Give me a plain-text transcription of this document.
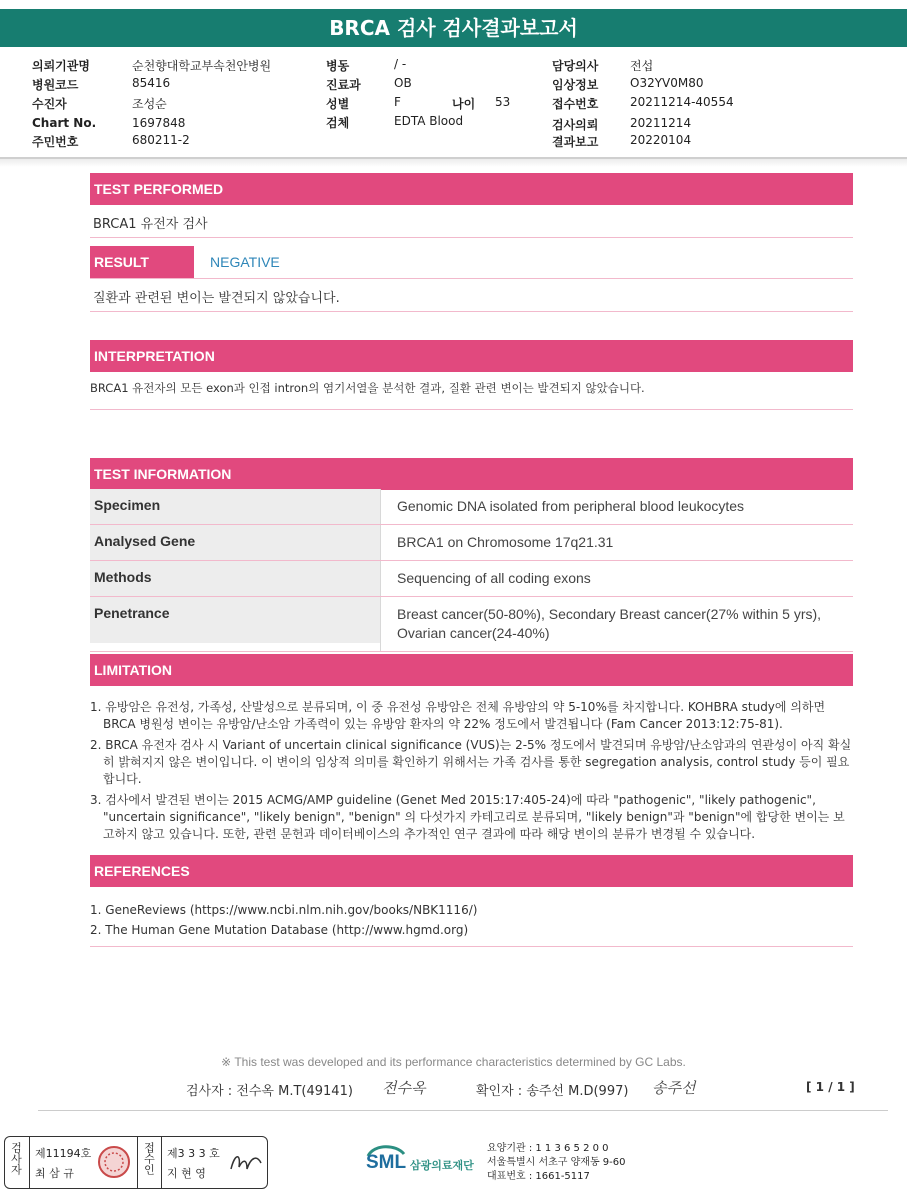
BRCA 검사 검사결과보고서
의뢰기관명	순천향대학교부속천안병원
병원코드	85416
수진자	조성순
Chart No.	1697848
주민번호	680211-2
병동	/ -
진료과	OB
성별	F
검체	EDTA Blood
나이 53
담당의사	전섭
임상정보	O32YV0M80
접수번호	20211214-40554
검사의뢰	20211214
결과보고	20220104
TEST PERFORMED
BRCA1 유전자 검사
RESULT	NEGATIVE
질환과 관련된 변이는 발견되지 않았습니다.
INTERPRETATION
BRCA1 유전자의 모든 exon과 인접 intron의 염기서열을 분석한 결과, 질환 관련 변이는 발견되지 않았습니다.
TEST INFORMATION
Specimen	Genomic DNA isolated from peripheral blood leukocytes
Analysed Gene	BRCA1 on Chromosome 17q21.31
Methods	Sequencing of all coding exons
Penetrance	Breast cancer(50-80%), Secondary Breast cancer(27% within 5 yrs), Ovarian cancer(24-40%)
LIMITATION
1. 유방암은 유전성, 가족성, 산발성으로 분류되며, 이 중 유전성 유방암은 전체 유방암의 약 5-10%를 차지합니다. KOHBRA study에 의하면 BRCA 병원성 변이는 유방암/난소암 가족력이 있는 유방암 환자의 약 22% 정도에서 발견됩니다 (Fam Cancer 2013:12:75-81).
2. BRCA 유전자 검사 시 Variant of uncertain clinical significance (VUS)는 2-5% 정도에서 발견되며 유방암/난소암과의 연관성이 아직 확실히 밝혀지지 않은 변이입니다. 이 변이의 임상적 의미를 확인하기 위해서는 가족 검사를 통한 segregation analysis, control study 등이 필요합니다.
3. 검사에서 발견된 변이는 2015 ACMG/AMP guideline (Genet Med 2015:17:405-24)에 따라 "pathogenic", "likely pathogenic", "uncertain significance", "likely benign", "benign" 의 다섯가지 카테고리로 분류되며, "likely benign"과 "benign"에 합당한 변이는 보고하지 않고 있습니다. 또한, 관련 문헌과 데이터베이스의 추가적인 연구 결과에 따라 해당 변이의 분류가 변경될 수 있습니다.
REFERENCES
1. GeneReviews (https://www.ncbi.nlm.nih.gov/books/NBK1116/)
2. The Human Gene Mutation Database (http://www.hgmd.org)
※ This test was developed and its performance characteristics determined by GC Labs.
검사자 : 전수옥 M.T(49141) 전수옥	확인자 : 송주선 M.D(997) 송주선	[ 1 / 1 ]
검사자	제11194호
최 삼 규	접수인	제3 3 3 호
지 현 영
SML 삼광의료재단
요양기관 : 1 1 3 6 5 2 0 0
서울특별시 서초구 양재동 9-60
대표번호 : 1661-5117
